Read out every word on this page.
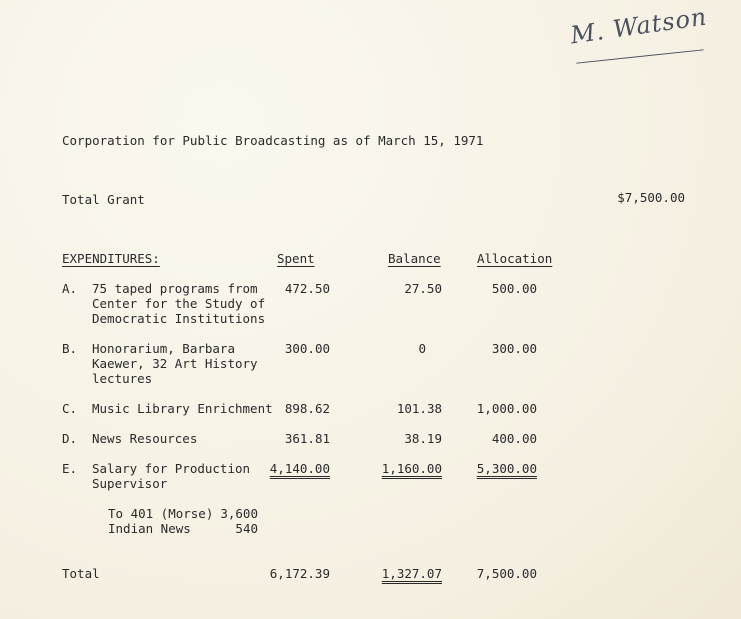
M. Watson
Corporation for Public Broadcasting as of March 15, 1971
Total Grant	$7,500.00
EXPENDITURES:	Spent	Balance	Allocation
A. 75 taped programs from
Center for the Study of
Democratic Institutions
472.50	27.50	500.00
B. Honorarium, Barbara
Kaewer, 32 Art History
lectures
300.00	0	300.00
C. Music Library Enrichment 898.62	101.38	1,000.00
D. News Resources	361.81	38.19	400.00
E. Salary for Production
Supervisor
4,140.00	1,160.00	5,300.00
To 401 (Morse) 3,600
Indian News	540
Total	6,172.39	1,327.07	7,500.00
